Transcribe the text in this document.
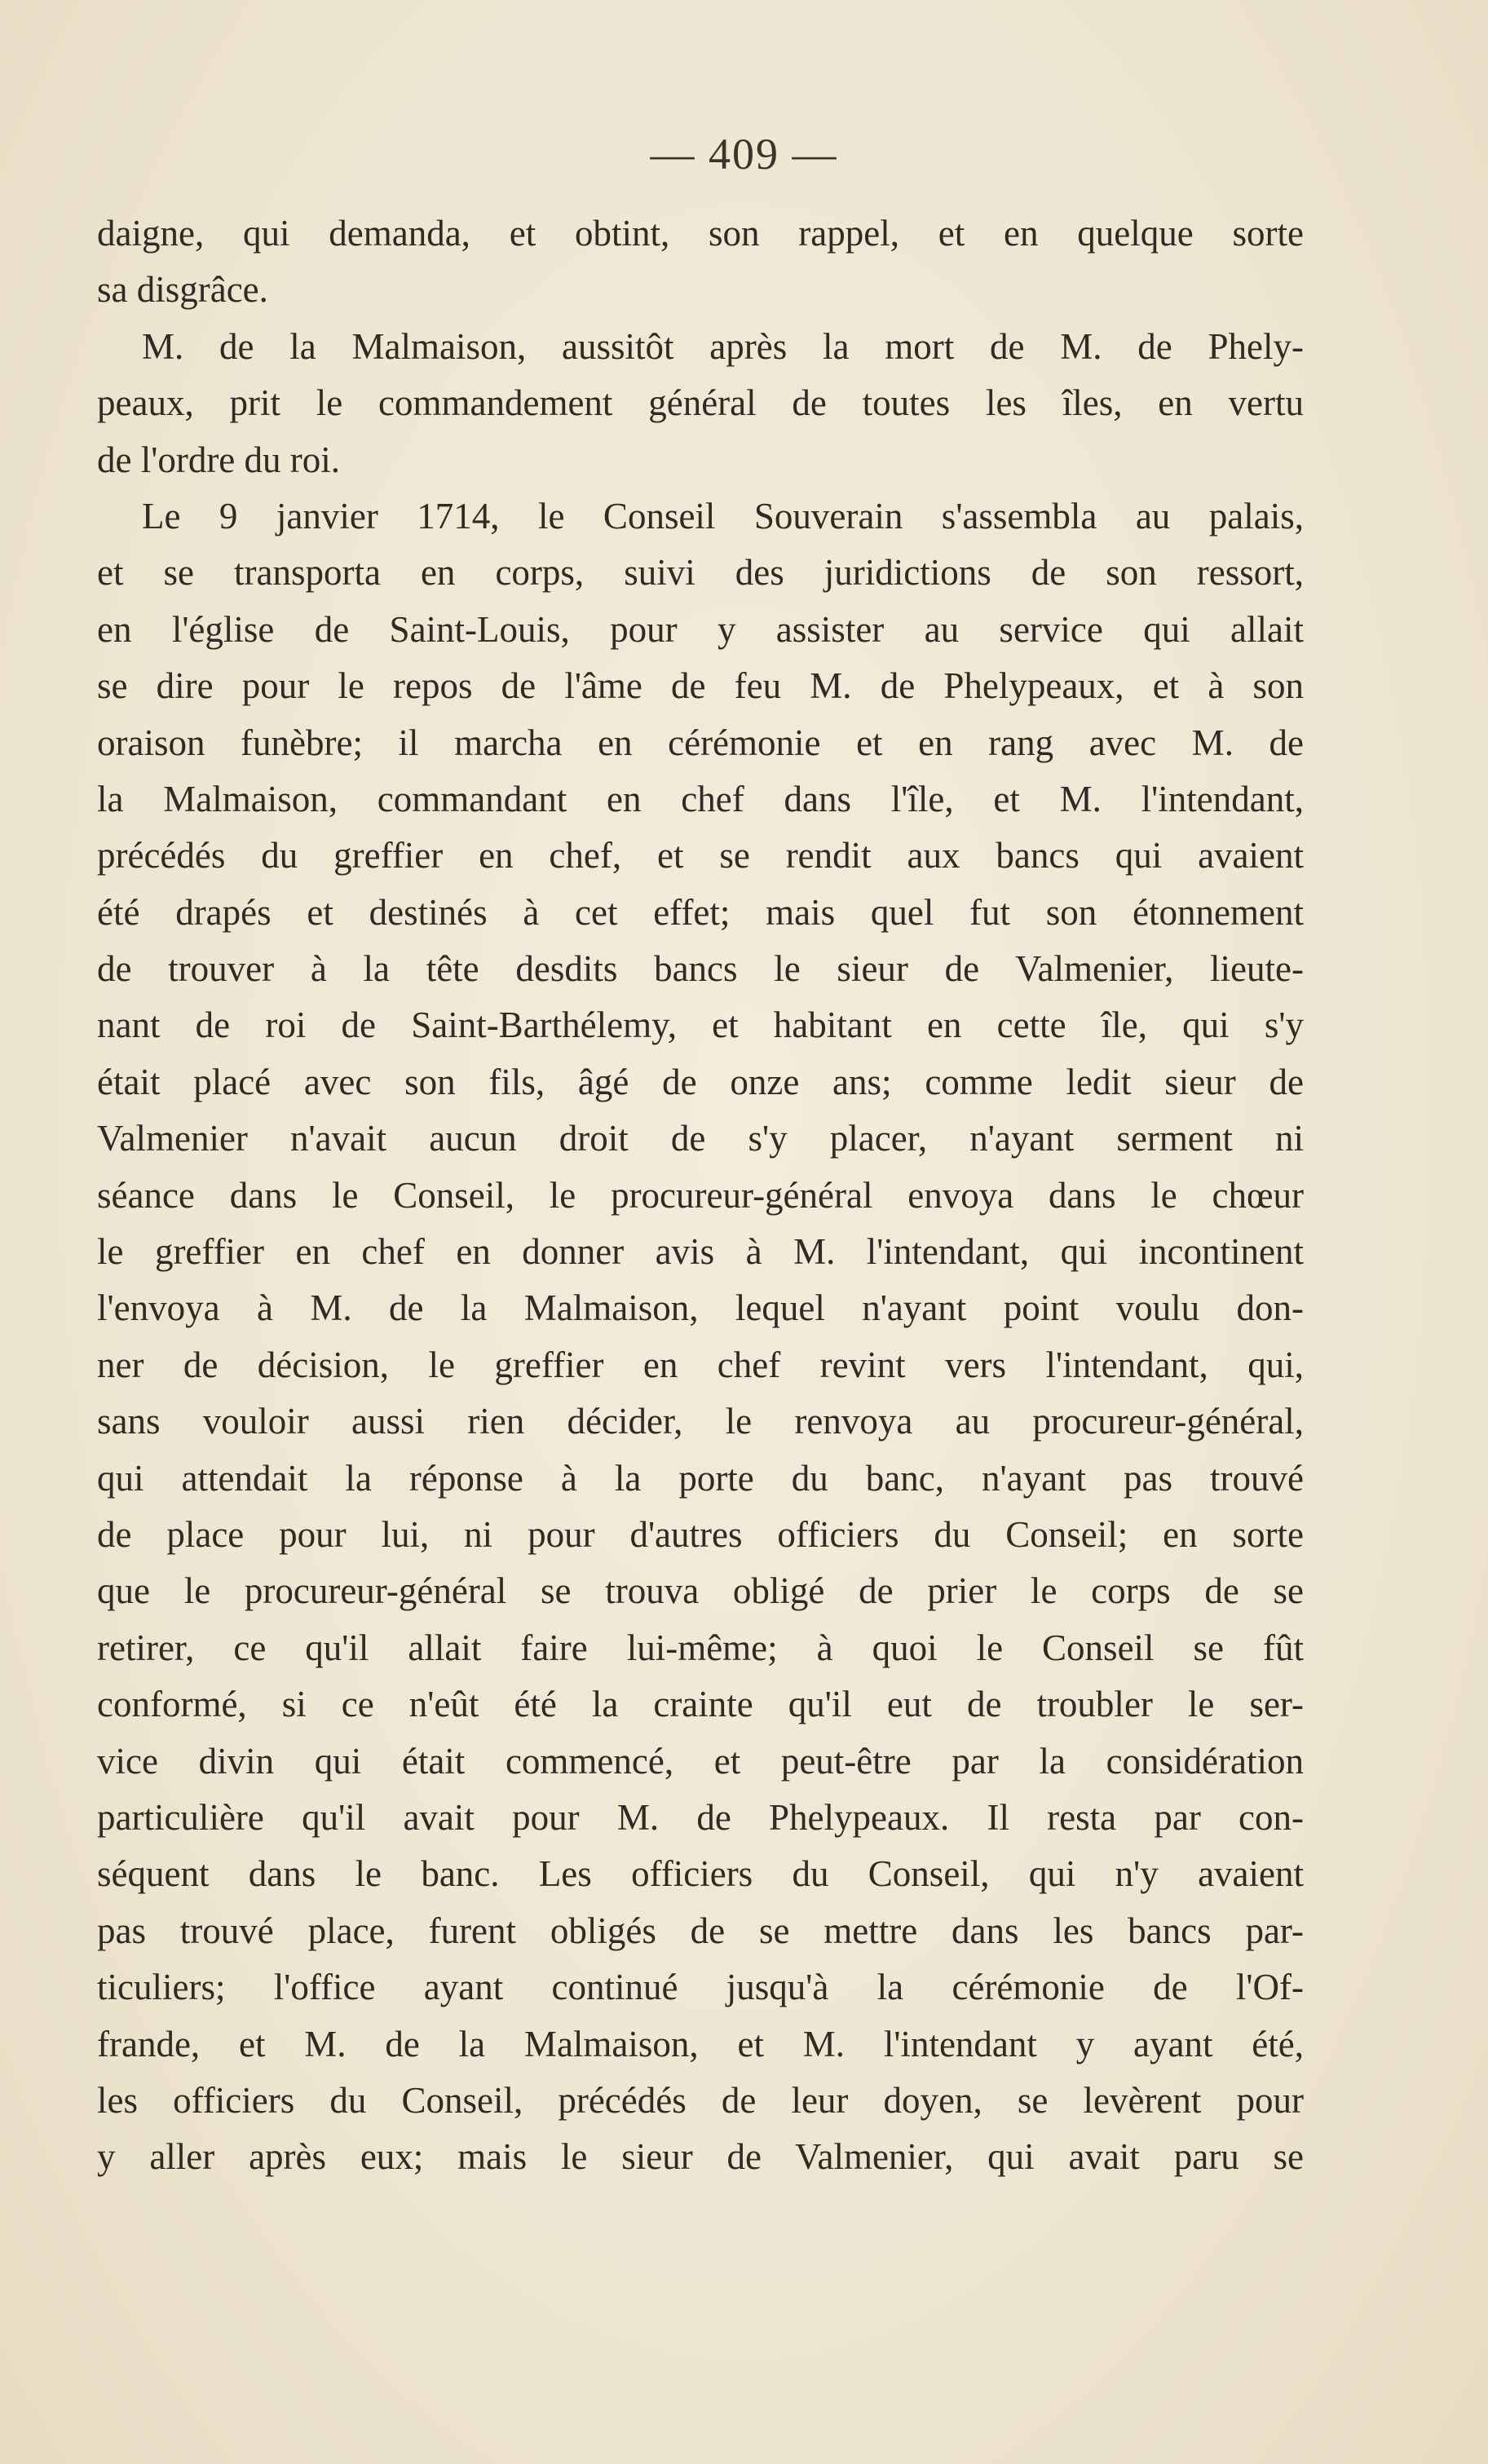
— 409 —
daigne, qui demanda, et obtint, son rappel, et en quelque sorte
sa disgrâce.
M. de la Malmaison, aussitôt après la mort de M. de Phely-
peaux, prit le commandement général de toutes les îles, en vertu
de l'ordre du roi.
Le 9 janvier 1714, le Conseil Souverain s'assembla au palais,
et se transporta en corps, suivi des juridictions de son ressort,
en l'église de Saint-Louis, pour y assister au service qui allait
se dire pour le repos de l'âme de feu M. de Phelypeaux, et à son
oraison funèbre; il marcha en cérémonie et en rang avec M. de
la Malmaison, commandant en chef dans l'île, et M. l'intendant,
précédés du greffier en chef, et se rendit aux bancs qui avaient
été drapés et destinés à cet effet; mais quel fut son étonnement
de trouver à la tête desdits bancs le sieur de Valmenier, lieute-
nant de roi de Saint-Barthélemy, et habitant en cette île, qui s'y
était placé avec son fils, âgé de onze ans; comme ledit sieur de
Valmenier n'avait aucun droit de s'y placer, n'ayant serment ni
séance dans le Conseil, le procureur-général envoya dans le chœur
le greffier en chef en donner avis à M. l'intendant, qui incontinent
l'envoya à M. de la Malmaison, lequel n'ayant point voulu don-
ner de décision, le greffier en chef revint vers l'intendant, qui,
sans vouloir aussi rien décider, le renvoya au procureur-général,
qui attendait la réponse à la porte du banc, n'ayant pas trouvé
de place pour lui, ni pour d'autres officiers du Conseil; en sorte
que le procureur-général se trouva obligé de prier le corps de se
retirer, ce qu'il allait faire lui-même; à quoi le Conseil se fût
conformé, si ce n'eût été la crainte qu'il eut de troubler le ser-
vice divin qui était commencé, et peut-être par la considération
particulière qu'il avait pour M. de Phelypeaux. Il resta par con-
séquent dans le banc. Les officiers du Conseil, qui n'y avaient
pas trouvé place, furent obligés de se mettre dans les bancs par-
ticuliers; l'office ayant continué jusqu'à la cérémonie de l'Of-
frande, et M. de la Malmaison, et M. l'intendant y ayant été,
les officiers du Conseil, précédés de leur doyen, se levèrent pour
y aller après eux; mais le sieur de Valmenier, qui avait paru se
